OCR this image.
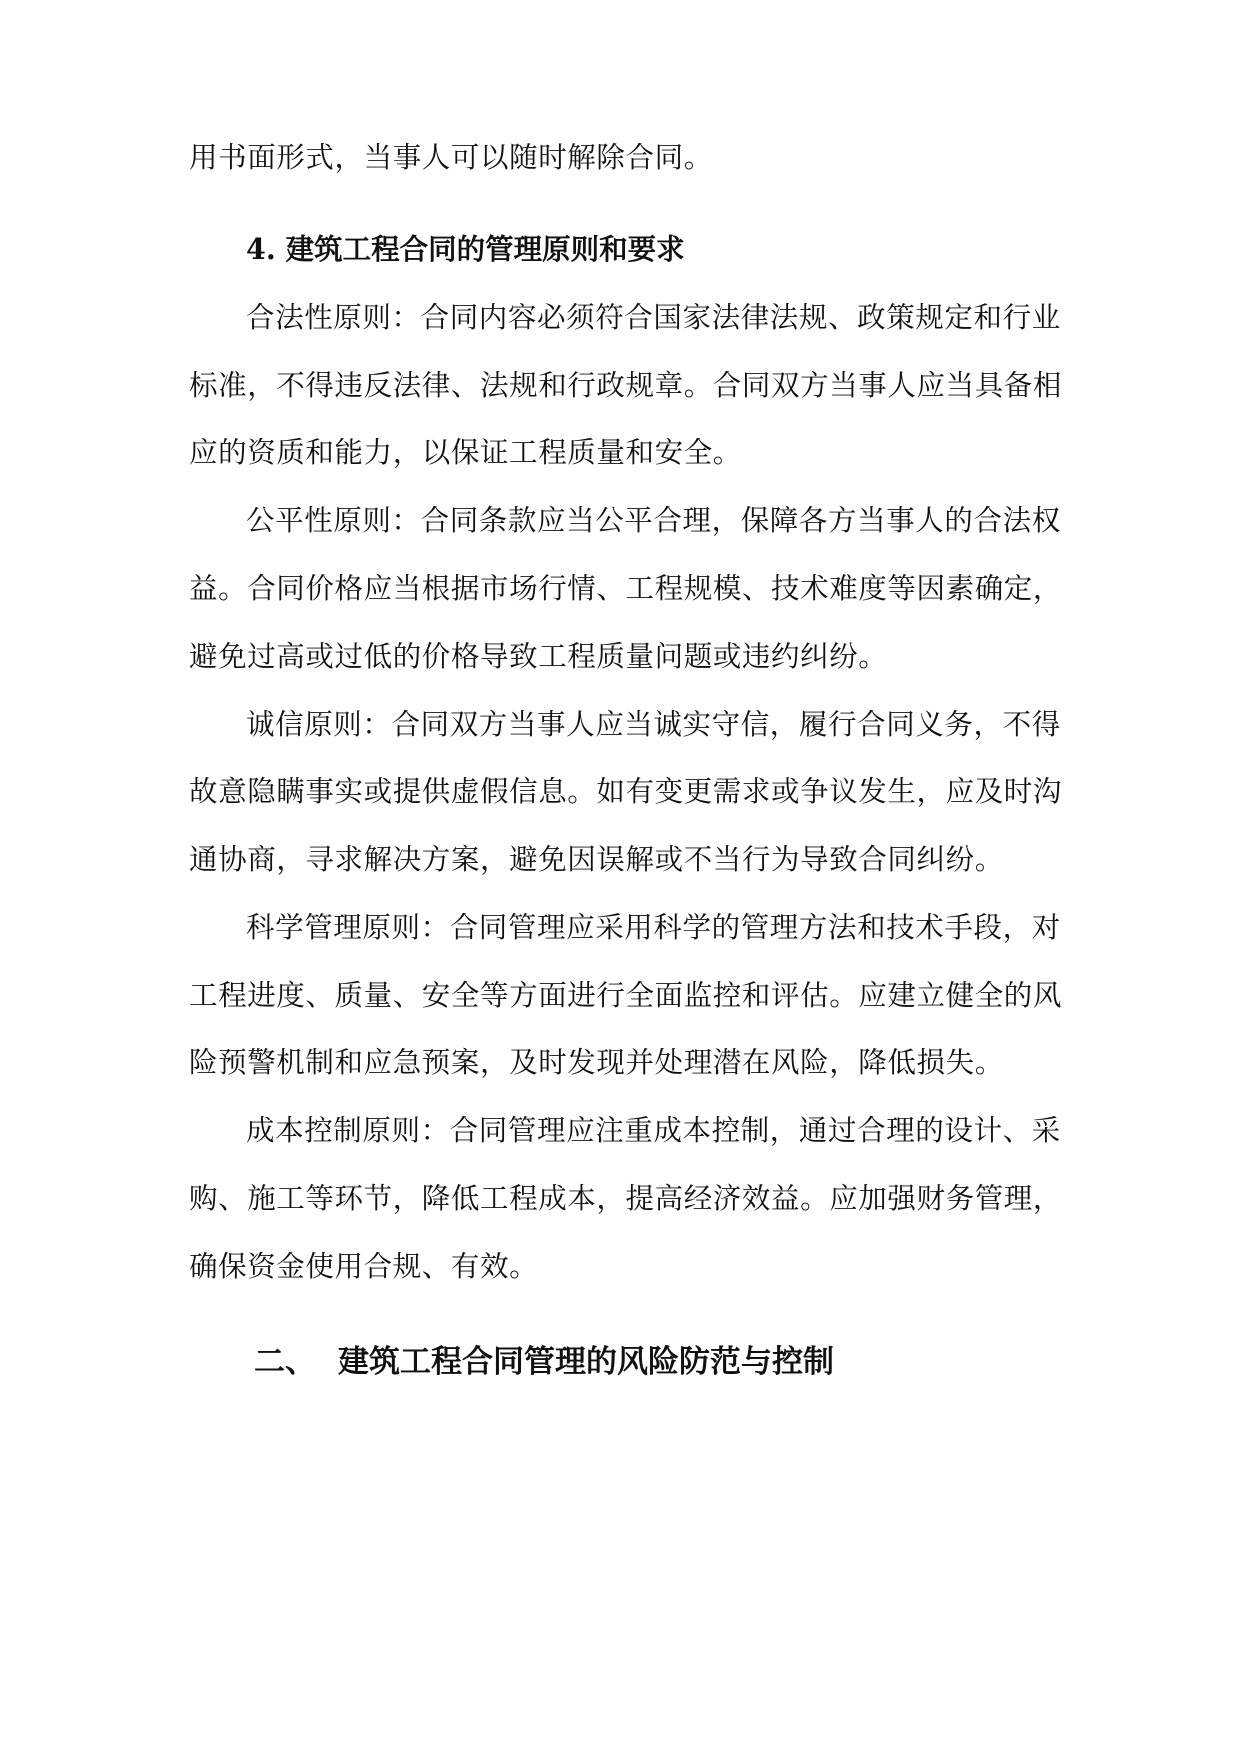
用书面形式，当事人可以随时解除合同。
4. 建筑工程合同的管理原则和要求
合法性原则：合同内容必须符合国家法律法规、政策规定和行业
标准，不得违反法律、法规和行政规章。合同双方当事人应当具备相
应的资质和能力，以保证工程质量和安全。
公平性原则：合同条款应当公平合理，保障各方当事人的合法权
益。合同价格应当根据市场行情、工程规模、技术难度等因素确定，
避免过高或过低的价格导致工程质量问题或违约纠纷。
诚信原则：合同双方当事人应当诚实守信，履行合同义务，不得
故意隐瞒事实或提供虚假信息。如有变更需求或争议发生，应及时沟
通协商，寻求解决方案，避免因误解或不当行为导致合同纠纷。
科学管理原则：合同管理应采用科学的管理方法和技术手段，对
工程进度、质量、安全等方面进行全面监控和评估。应建立健全的风
险预警机制和应急预案，及时发现并处理潜在风险，降低损失。
成本控制原则：合同管理应注重成本控制，通过合理的设计、采
购、施工等环节，降低工程成本，提高经济效益。应加强财务管理，
确保资金使用合规、有效。
二、 建筑工程合同管理的风险防范与控制
